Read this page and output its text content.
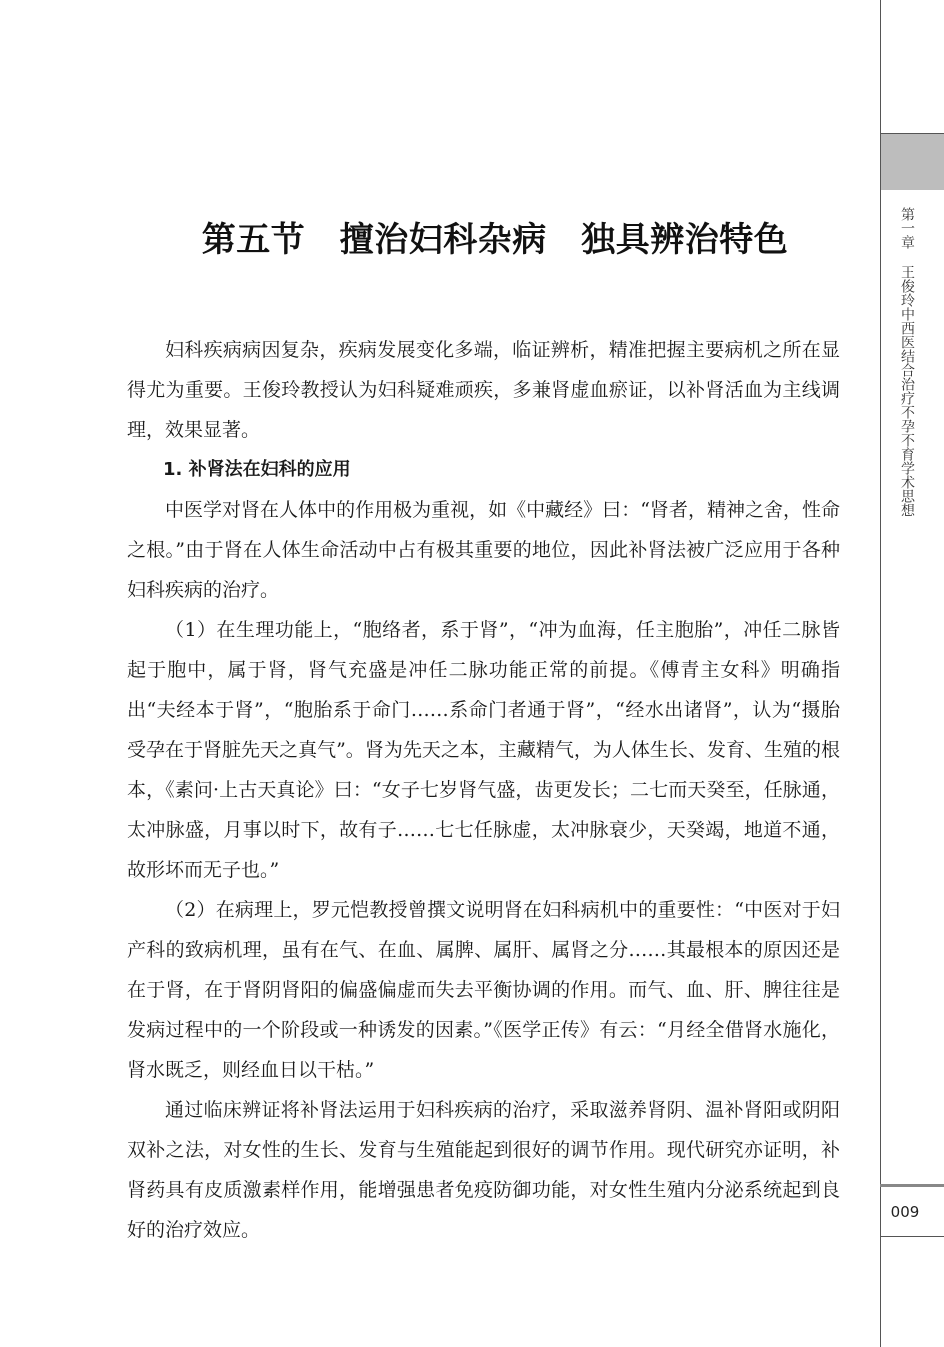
第一章 王俊玲中西医结合治疗不孕不育学术思想
009
第五节　擅治妇科杂病　独具辨治特色

妇科疾病病因复杂，疾病发展变化多端，临证辨析，精准把握主要病机之所在显得尤为重要。王俊玲教授认为妇科疑难顽疾，多兼肾虚血瘀证，以补肾活血为主线调理，效果显著。

1. 补肾法在妇科的应用

中医学对肾在人体中的作用极为重视，如《中藏经》曰：“肾者，精神之舍，性命之根。”由于肾在人体生命活动中占有极其重要的地位，因此补肾法被广泛应用于各种妇科疾病的治疗。

（1）在生理功能上，“胞络者，系于肾”，“冲为血海，任主胞胎”，冲任二脉皆起于胞中，属于肾，肾气充盛是冲任二脉功能正常的前提。《傅青主女科》明确指出“夫经本于肾”，“胞胎系于命门……系命门者通于肾”，“经水出诸肾”，认为“摄胎受孕在于肾脏先天之真气”。肾为先天之本，主藏精气，为人体生长、发育、生殖的根本，《素问·上古天真论》曰：“女子七岁肾气盛，齿更发长；二七而天癸至，任脉通，太冲脉盛，月事以时下，故有子……七七任脉虚，太冲脉衰少，天癸竭，地道不通，故形坏而无子也。”

（2）在病理上，罗元恺教授曾撰文说明肾在妇科病机中的重要性：“中医对于妇产科的致病机理，虽有在气、在血、属脾、属肝、属肾之分……其最根本的原因还是在于肾，在于肾阴肾阳的偏盛偏虚而失去平衡协调的作用。而气、血、肝、脾往往是发病过程中的一个阶段或一种诱发的因素。”《医学正传》有云：“月经全借肾水施化，肾水既乏，则经血日以干枯。”

通过临床辨证将补肾法运用于妇科疾病的治疗，采取滋养肾阴、温补肾阳或阴阳双补之法，对女性的生长、发育与生殖能起到很好的调节作用。现代研究亦证明，补肾药具有皮质激素样作用，能增强患者免疫防御功能，对女性生殖内分泌系统起到良好的治疗效应。
